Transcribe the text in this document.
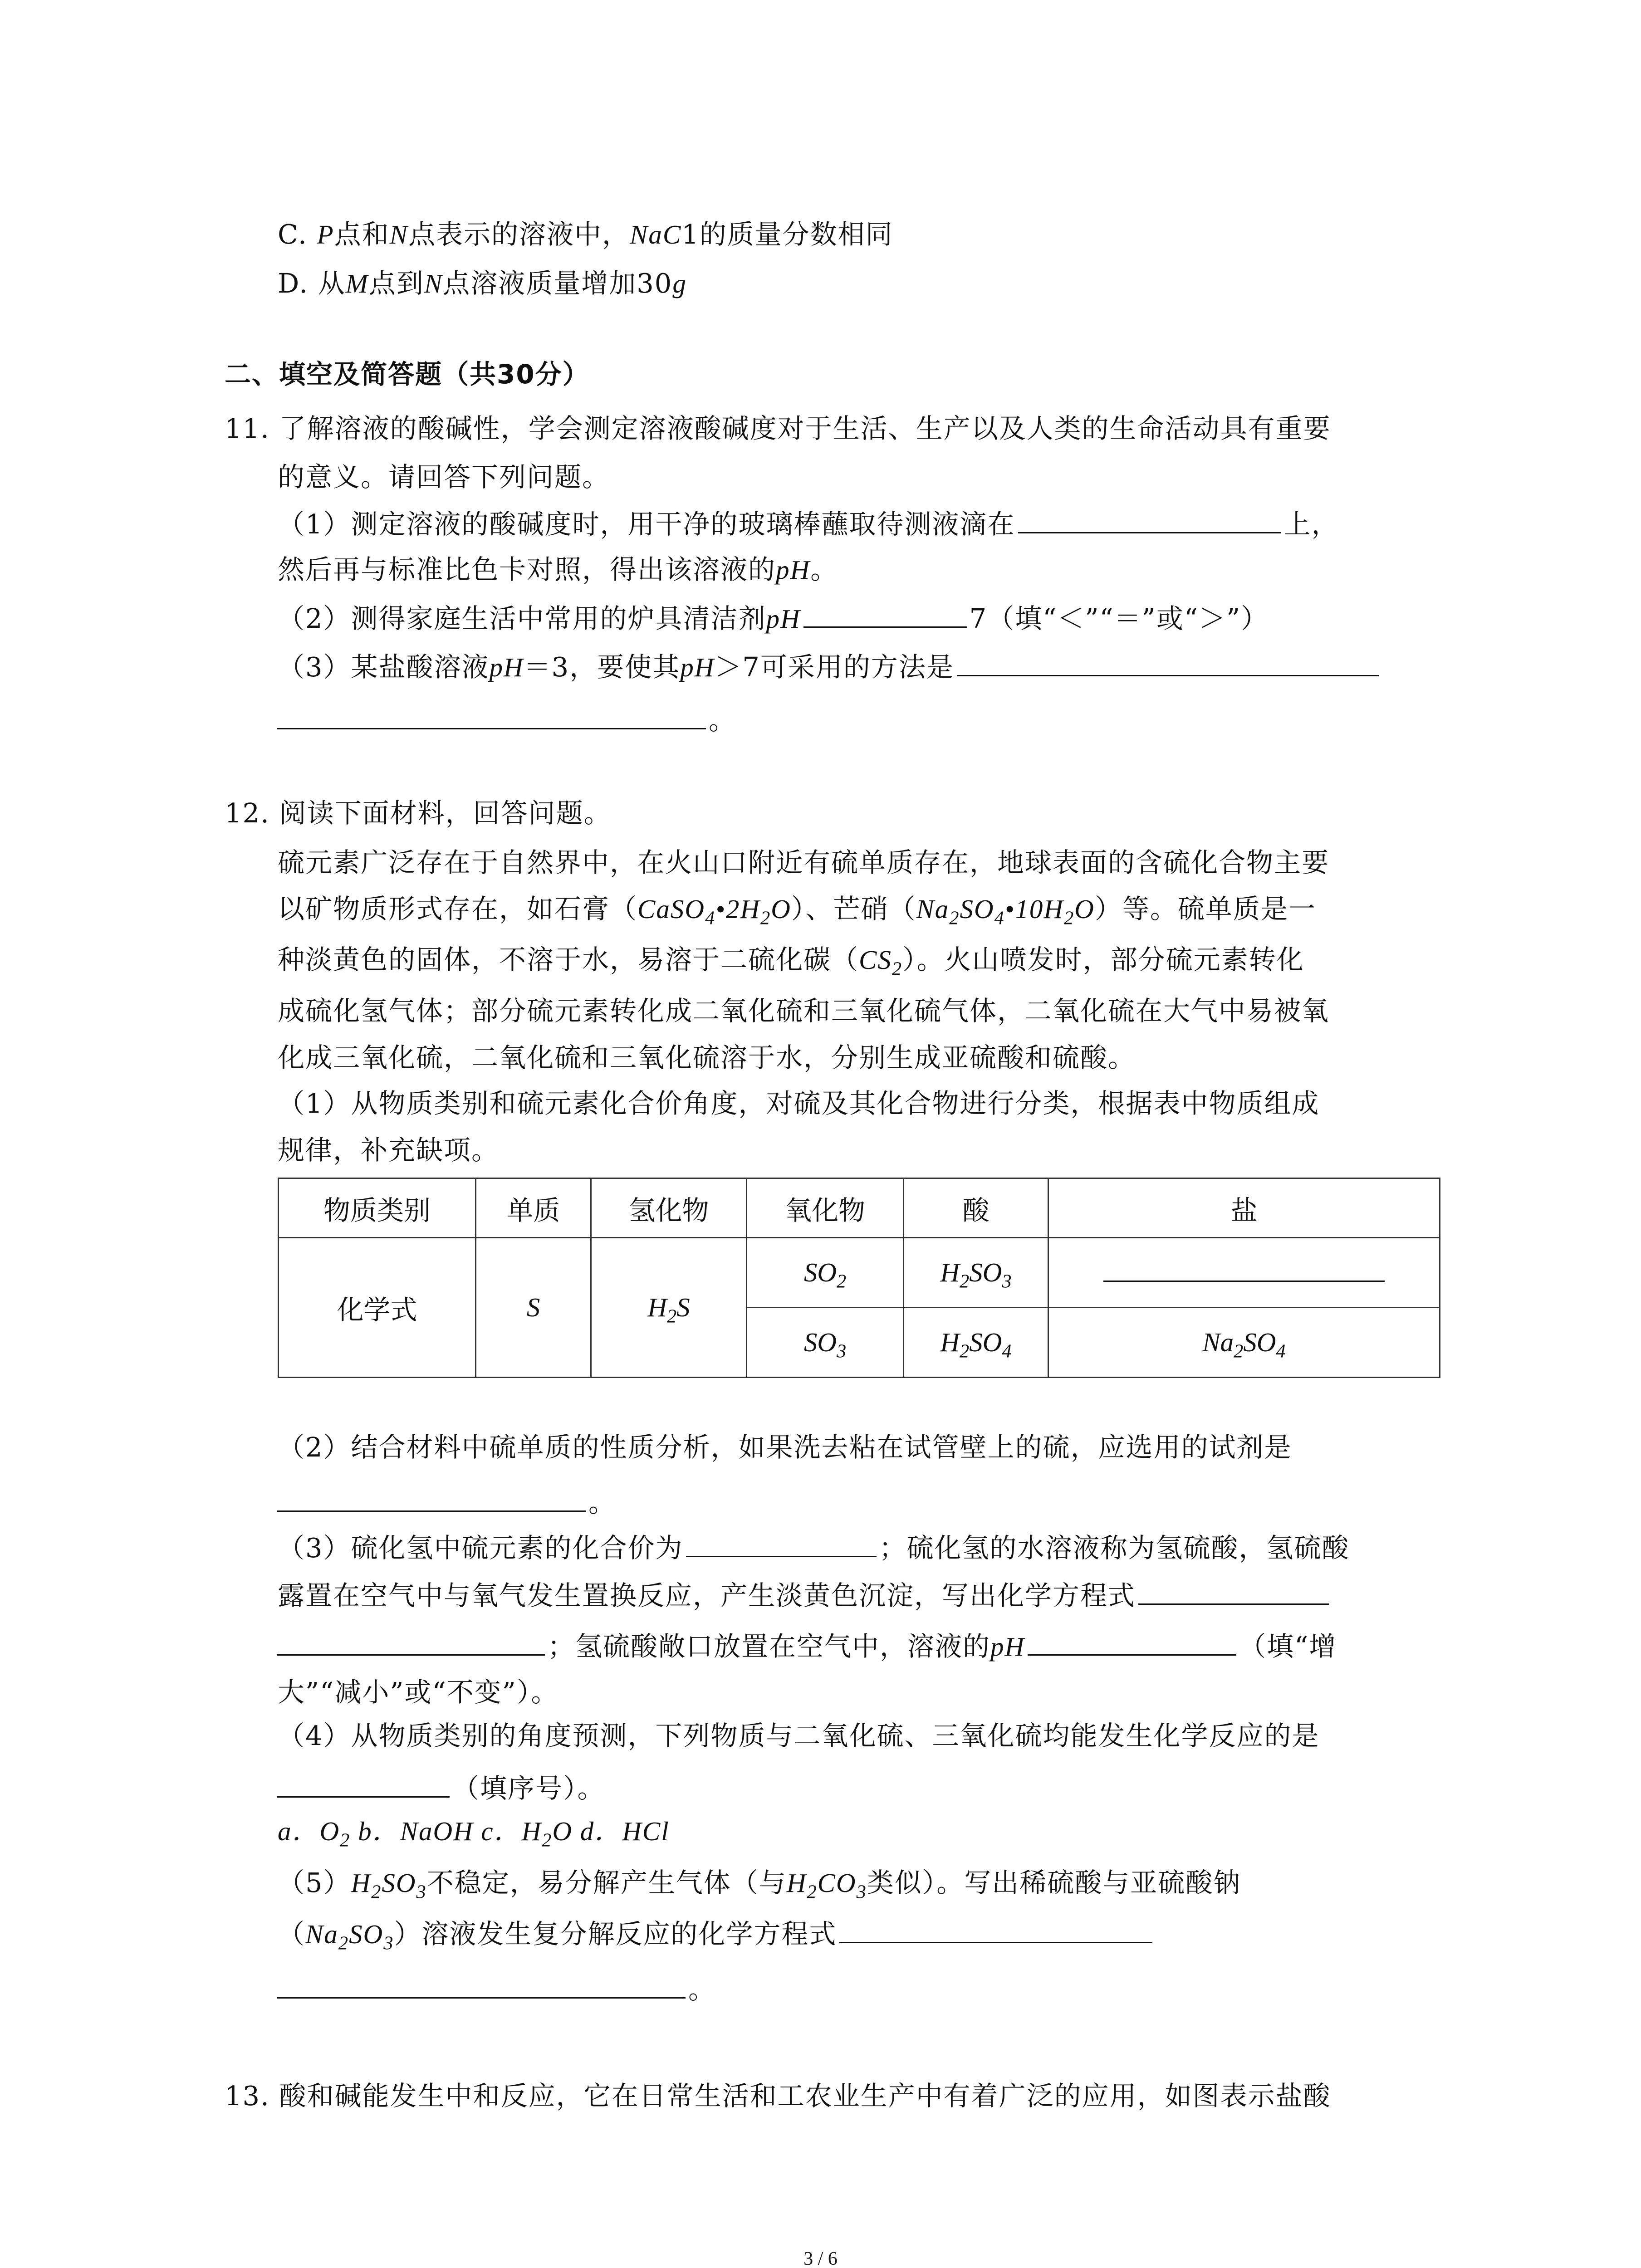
C. P点和N点表示的溶液中，NaC1的质量分数相同
D. 从M点到N点溶液质量增加30g
二、填空及简答题（共30分）
11. 了解溶液的酸碱性，学会测定溶液酸碱度对于生活、生产以及人类的生命活动具有重要
的意义。请回答下列问题。
（1）测定溶液的酸碱度时，用干净的玻璃棒蘸取待测液滴在	上，
然后再与标准比色卡对照，得出该溶液的pH。
（2）测得家庭生活中常用的炉具清洁剂pH	7（填“＜”“＝”或“＞”）
（3）某盐酸溶液pH＝3，要使其pH＞7可采用的方法是
。
12. 阅读下面材料，回答问题。
硫元素广泛存在于自然界中，在火山口附近有硫单质存在，地球表面的含硫化合物主要
以矿物质形式存在，如石膏$(CaSO_4•2H_2O)$、芒硝$(Na_2SO_4•10H_2O)$等。硫单质是一
种淡黄色的固体，不溶于水，易溶于二硫化碳$(CS_2)$。火山喷发时，部分硫元素转化
成硫化氢气体；部分硫元素转化成二氧化硫和三氧化硫气体，二氧化硫在大气中易被氧
化成三氧化硫，二氧化硫和三氧化硫溶于水，分别生成亚硫酸和硫酸。
（1）从物质类别和硫元素化合价角度，对硫及其化合物进行分类，根据表中物质组成
规律，补充缺项。
物质类别	单质	氢化物	氧化物	酸	盐
化学式	S	$H_2S$	$SO_2$	$H_2SO_3$	
			$SO_3$	$H_2SO_4$	$Na_2SO_4$
（2）结合材料中硫单质的性质分析，如果洗去粘在试管壁上的硫，应选用的试剂是
。
（3）硫化氢中硫元素的化合价为	；硫化氢的水溶液称为氢硫酸，氢硫酸
露置在空气中与氧气发生置换反应，产生淡黄色沉淀，写出化学方程式
；氢硫酸敞口放置在空气中，溶液的pH	（填“增
大”“减小”或“不变”）。
（4）从物质类别的角度预测，下列物质与二氧化硫、三氧化硫均能发生化学反应的是
（填序号）。
a．$O_2$ b．NaOH c．$H_2O$ d．HCl
$(5)H_2SO_3$不稳定，易分解产生气体（与$H_2CO_3$类似）。写出稀硫酸与亚硫酸钠
$(Na_2SO_3)$溶液发生复分解反应的化学方程式
。
13. 酸和碱能发生中和反应，它在日常生活和工农业生产中有着广泛的应用，如图表示盐酸
3 / 6
